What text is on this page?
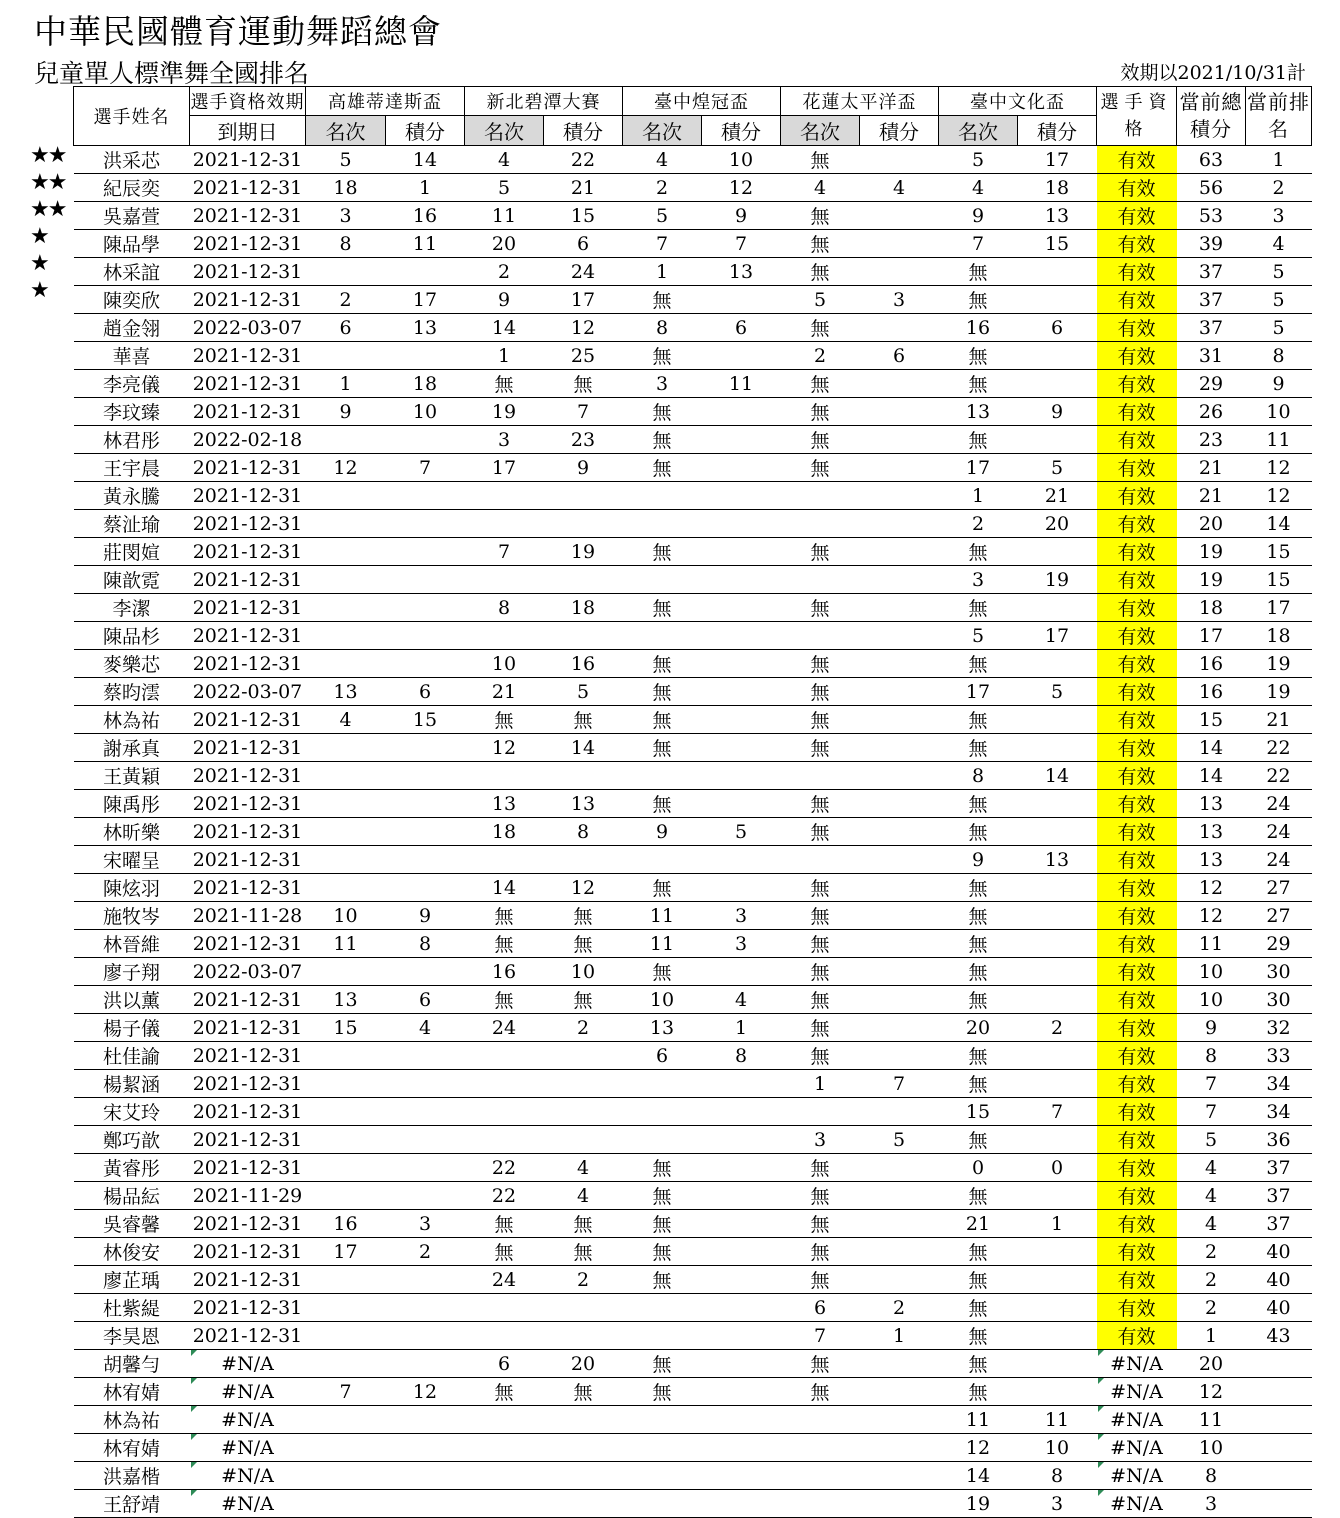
中華民國體育運動舞蹈總會
兒童單人標準舞全國排名	效期以2021/10/31計
★★
★★
★★
★
★
★
選手姓名	選手資格效期	高雄蒂達斯盃		新北碧潭大賽		臺中煌冠盃		花蓮太平洋盃		臺中文化盃		選手資格	當前總積分	當前排名
	到期日	名次	積分	名次	積分	名次	積分	名次	積分	名次	積分			
洪采芯	2021-12-31	5	14	4	22	4	10	無		5	17	有效	63	1
紀辰奕	2021-12-31	18	1	5	21	2	12	4	4	4	18	有效	56	2
吳嘉萱	2021-12-31	3	16	11	15	5	9	無		9	13	有效	53	3
陳品學	2021-12-31	8	11	20	6	7	7	無		7	15	有效	39	4
林采誼	2021-12-31			2	24	1	13	無		無		有效	37	5
陳奕欣	2021-12-31	2	17	9	17	無		5	3	無		有效	37	5
趙金翎	2022-03-07	6	13	14	12	8	6	無		16	6	有效	37	5
華喜	2021-12-31			1	25	無		2	6	無		有效	31	8
李亮儀	2021-12-31	1	18	無	無	3	11	無		無		有效	29	9
李玟臻	2021-12-31	9	10	19	7	無		無		13	9	有效	26	10
林君彤	2022-02-18			3	23	無		無		無		有效	23	11
王宇晨	2021-12-31	12	7	17	9	無		無		17	5	有效	21	12
黃永騰	2021-12-31									1	21	有效	21	12
蔡沚瑜	2021-12-31									2	20	有效	20	14
莊閔媗	2021-12-31			7	19	無		無		無		有效	19	15
陳歆霓	2021-12-31									3	19	有效	19	15
李潔	2021-12-31			8	18	無		無		無		有效	18	17
陳品杉	2021-12-31									5	17	有效	17	18
麥樂芯	2021-12-31			10	16	無		無		無		有效	16	19
蔡昀澐	2022-03-07	13	6	21	5	無		無		17	5	有效	16	19
林為祐	2021-12-31	4	15	無	無	無		無		無		有效	15	21
謝承真	2021-12-31			12	14	無		無		無		有效	14	22
王黃穎	2021-12-31									8	14	有效	14	22
陳禹彤	2021-12-31			13	13	無		無		無		有效	13	24
林昕樂	2021-12-31			18	8	9	5	無		無		有效	13	24
宋曜呈	2021-12-31									9	13	有效	13	24
陳炫羽	2021-12-31			14	12	無		無		無		有效	12	27
施牧岑	2021-11-28	10	9	無	無	11	3	無		無		有效	12	27
林晉維	2021-12-31	11	8	無	無	11	3	無		無		有效	11	29
廖子翔	2022-03-07			16	10	無		無		無		有效	10	30
洪以薰	2021-12-31	13	6	無	無	10	4	無		無		有效	10	30
楊子儀	2021-12-31	15	4	24	2	13	1	無		20	2	有效	9	32
杜佳諭	2021-12-31					6	8	無		無		有效	8	33
楊絜涵	2021-12-31							1	7	無		有效	7	34
宋艾玲	2021-12-31									15	7	有效	7	34
鄭巧歆	2021-12-31							3	5	無		有效	5	36
黃睿彤	2021-12-31			22	4	無		無		0	0	有效	4	37
楊品紜	2021-11-29			22	4	無		無		無		有效	4	37
吳睿馨	2021-12-31	16	3	無	無	無		無		21	1	有效	4	37
林俊安	2021-12-31	17	2	無	無	無		無		無		有效	2	40
廖芷瑀	2021-12-31			24	2	無		無		無		有效	2	40
杜紫緹	2021-12-31							6	2	無		有效	2	40
李昊恩	2021-12-31							7	1	無		有效	1	43
胡馨勻	#N/A			6	20	無		無		無		#N/A	20	
林宥婧	#N/A	7	12	無	無	無		無		無		#N/A	12	
林為祐	#N/A									11	11	#N/A	11	
林宥婧	#N/A									12	10	#N/A	10	
洪嘉楷	#N/A									14	8	#N/A	8	
王舒靖	#N/A									19	3	#N/A	3	
